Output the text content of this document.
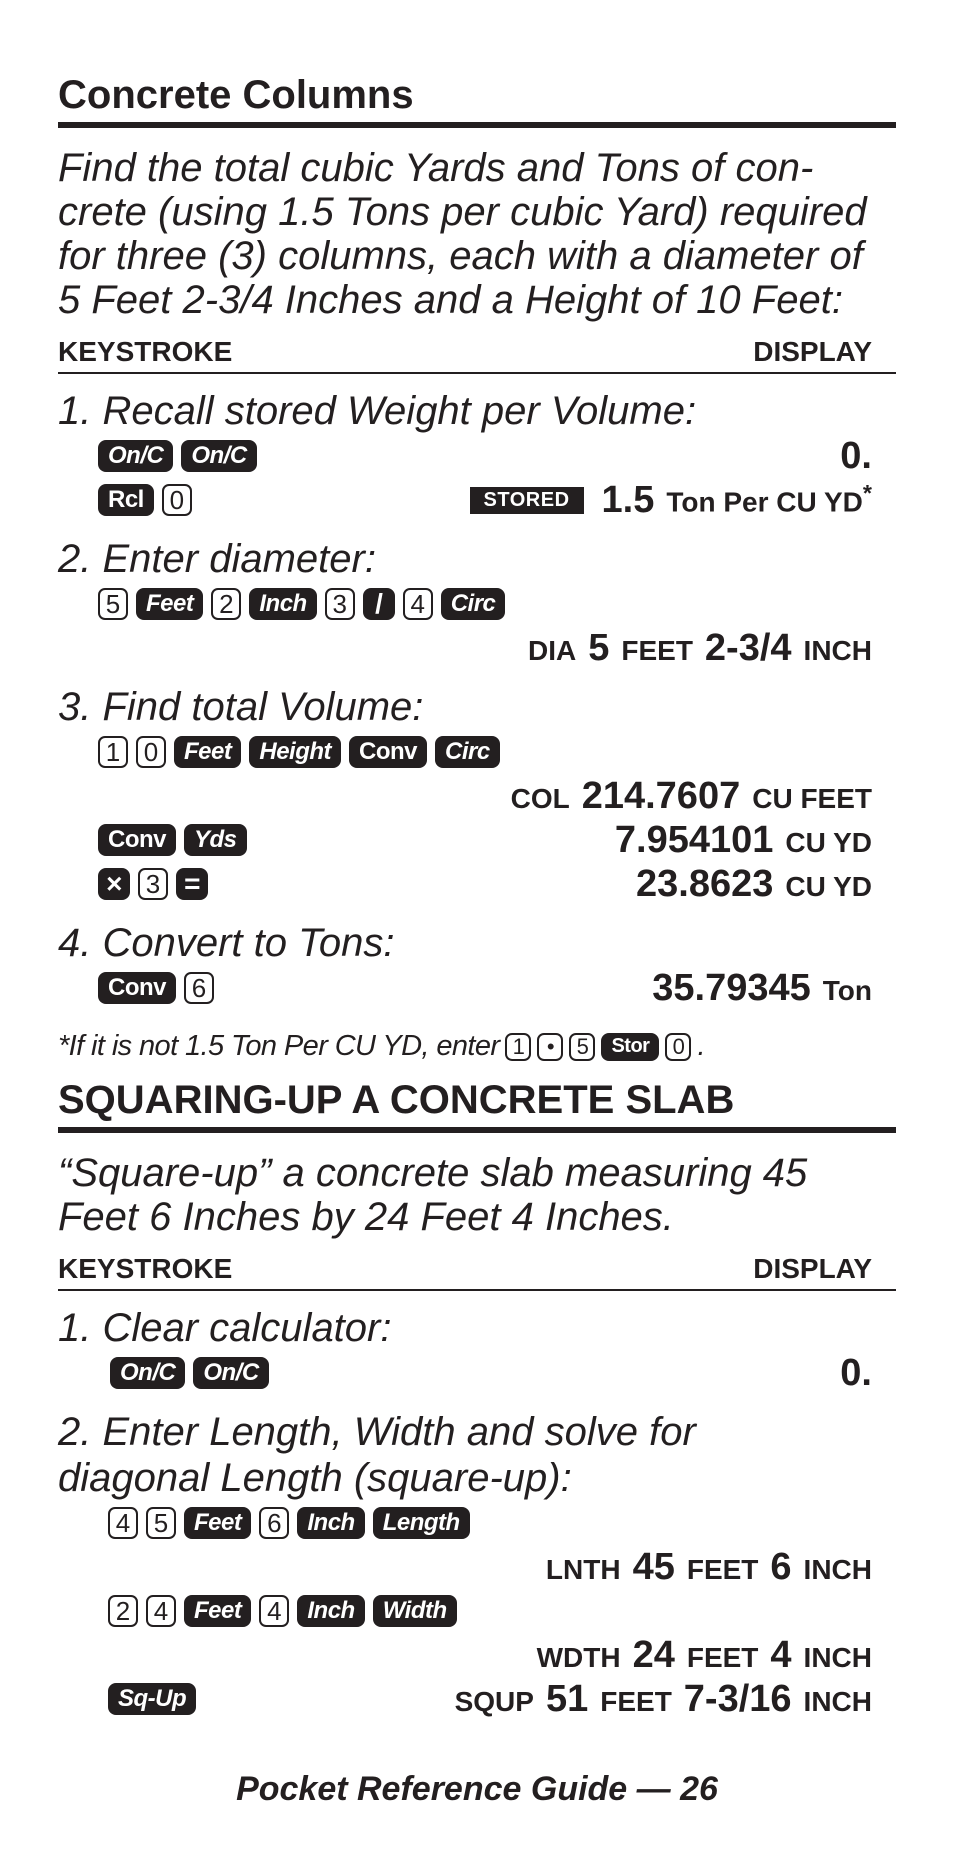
Concrete Columns

Find the total cubic Yards and Tons of con- crete (using 1.5 Tons per cubic Yard) required for three (3) columns, each with a diameter of 5 Feet 2-3/4 Inches and a Height of 10 Feet:

KEYSTROKE	DISPLAY
1. Recall stored Weight per Volume:
On/C	On/C	0.
Rcl 0	STORED 1.5 Ton Per CU YD*
2. Enter diameter:
5	Feet 2	Inch 3	/	4	Circ
DIA 5 FEET 2-3/4 INCH
3. Find total Volume:
1 0	Feet	Height	Conv	Circ
COL 214.7607 CU FEET
Conv	Yds	7.954101 CU YD
× 3 =	23.8623 CU YD
4. Convert to Tons:
Conv 6	35.79345 Ton
*If it is not 1.5 Ton Per CU YD, enter 1	•	5	Stor	0 .
SQUARING-UP A CONCRETE SLAB

“Square-up” a concrete slab measuring 45 Feet 6 Inches by 24 Feet 4 Inches.

KEYSTROKE	DISPLAY
1. Clear calculator:
On/C	On/C	0.
2. Enter Length, Width and solve for
diagonal Length (square-up):
4 5	Feet 6	Inch	Length
LNTH 45 FEET 6 INCH
2 4	Feet 4	Inch	Width
WDTH 24 FEET 4 INCH
Sq-Up	SQUP 51 FEET 7-3/16 INCH
Pocket Reference Guide — 26
